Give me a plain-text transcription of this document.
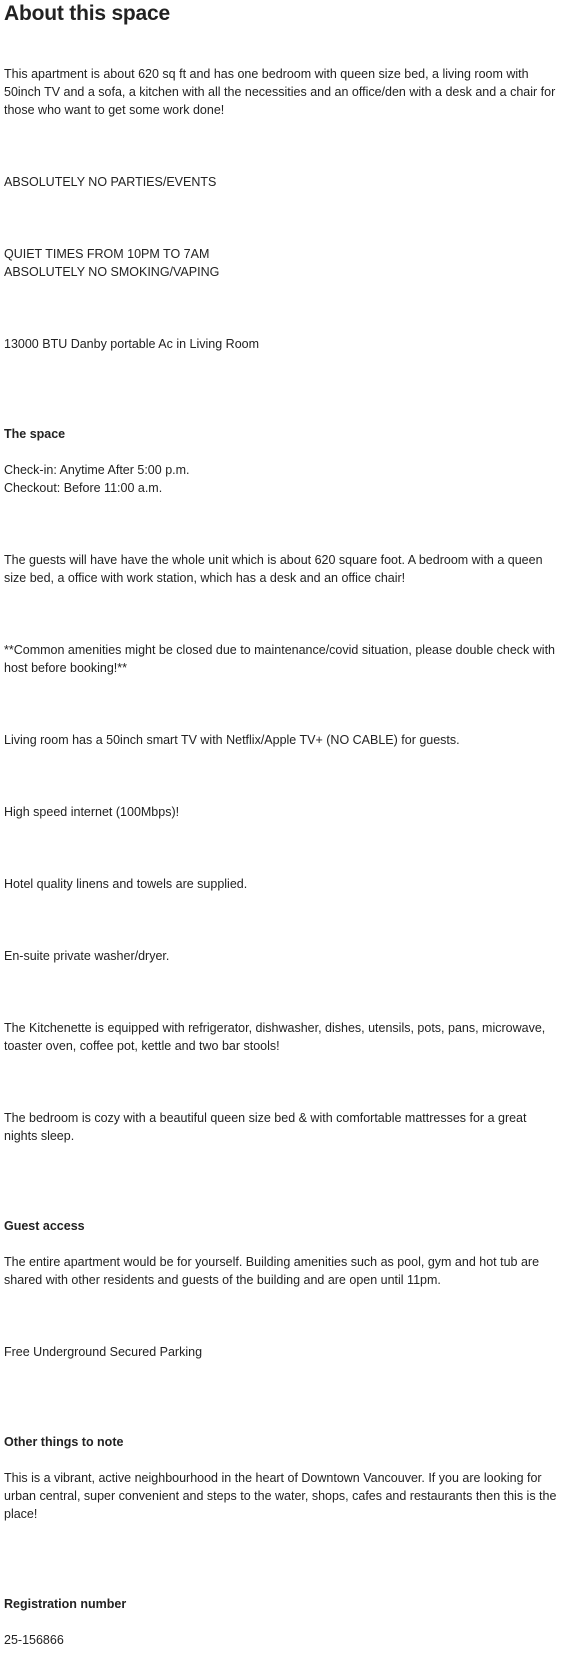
About this space

This apartment is about 620 sq ft and has one bedroom with queen size bed, a living room with 50inch TV and a sofa, a kitchen with all the necessities and an office/den with a desk and a chair for those who want to get some work done!

ABSOLUTELY NO PARTIES/EVENTS

QUIET TIMES FROM 10PM TO 7AM
ABSOLUTELY NO SMOKING/VAPING

13000 BTU Danby portable Ac in Living Room

The space

Check-in: Anytime After 5:00 p.m.
Checkout: Before 11:00 a.m.

The guests will have have the whole unit which is about 620 square foot. A bedroom with a queen size bed, a office with work station, which has a desk and an office chair!

**Common amenities might be closed due to maintenance/covid situation, please double check with host before booking!**

Living room has a 50inch smart TV with Netflix/Apple TV+ (NO CABLE) for guests.

High speed internet (100Mbps)!

Hotel quality linens and towels are supplied.

En-suite private washer/dryer.

The Kitchenette is equipped with refrigerator, dishwasher, dishes, utensils, pots, pans, microwave, toaster oven, coffee pot, kettle and two bar stools!

The bedroom is cozy with a beautiful queen size bed & with comfortable mattresses for a great nights sleep.

Guest access

The entire apartment would be for yourself. Building amenities such as pool, gym and hot tub are shared with other residents and guests of the building and are open until 11pm.

Free Underground Secured Parking

Other things to note

This is a vibrant, active neighbourhood in the heart of Downtown Vancouver. If you are looking for urban central, super convenient and steps to the water, shops, cafes and restaurants then this is the place!

Registration number

25-156866
